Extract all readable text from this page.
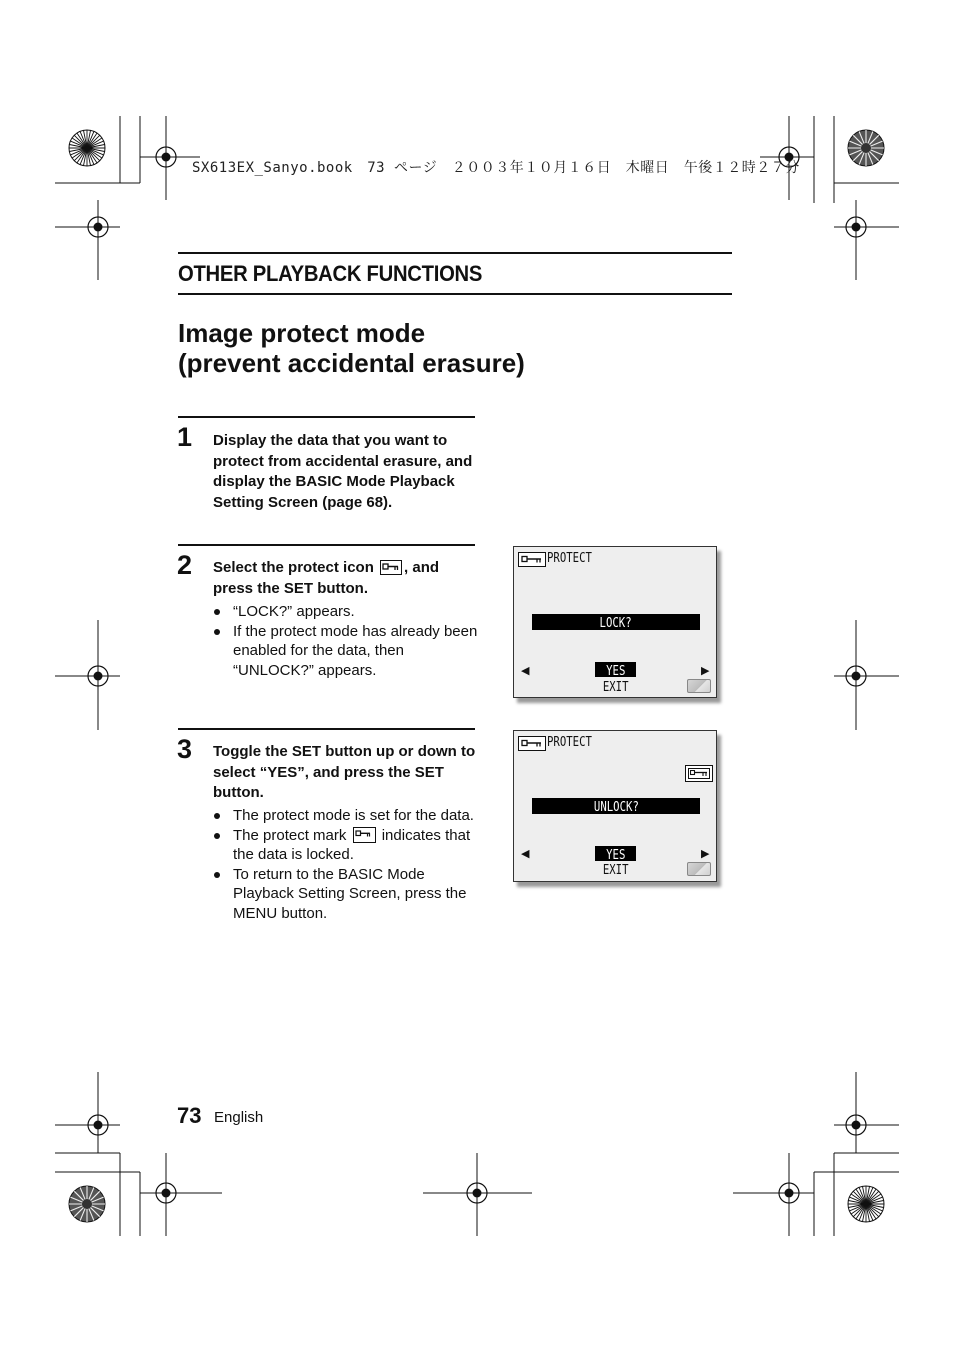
SX613EX_Sanyo.book　73 ページ　２００３年１０月１６日　木曜日　午後１２時２７分
OTHER PLAYBACK FUNCTIONS
Image protect mode
(prevent accidental erasure)
1 Display the data that you want to protect from accidental erasure, and display the BASIC Mode Playback Setting Screen (page 68).
2 Select the protect icon , and press the SET button.
“LOCK?” appears.
If the protect mode has already been enabled for the data, then “UNLOCK?” appears.
3 Toggle the SET button up or down to select “YES”, and press the SET button.
The protect mode is set for the data.
The protect mark indicates that the data is locked.
To return to the BASIC Mode Playback Setting Screen, press the MENU button.
PROTECT
LOCK?
◀	▶
YES
EXIT
PROTECT
UNLOCK?
◀	▶
YES
EXIT
73 English
